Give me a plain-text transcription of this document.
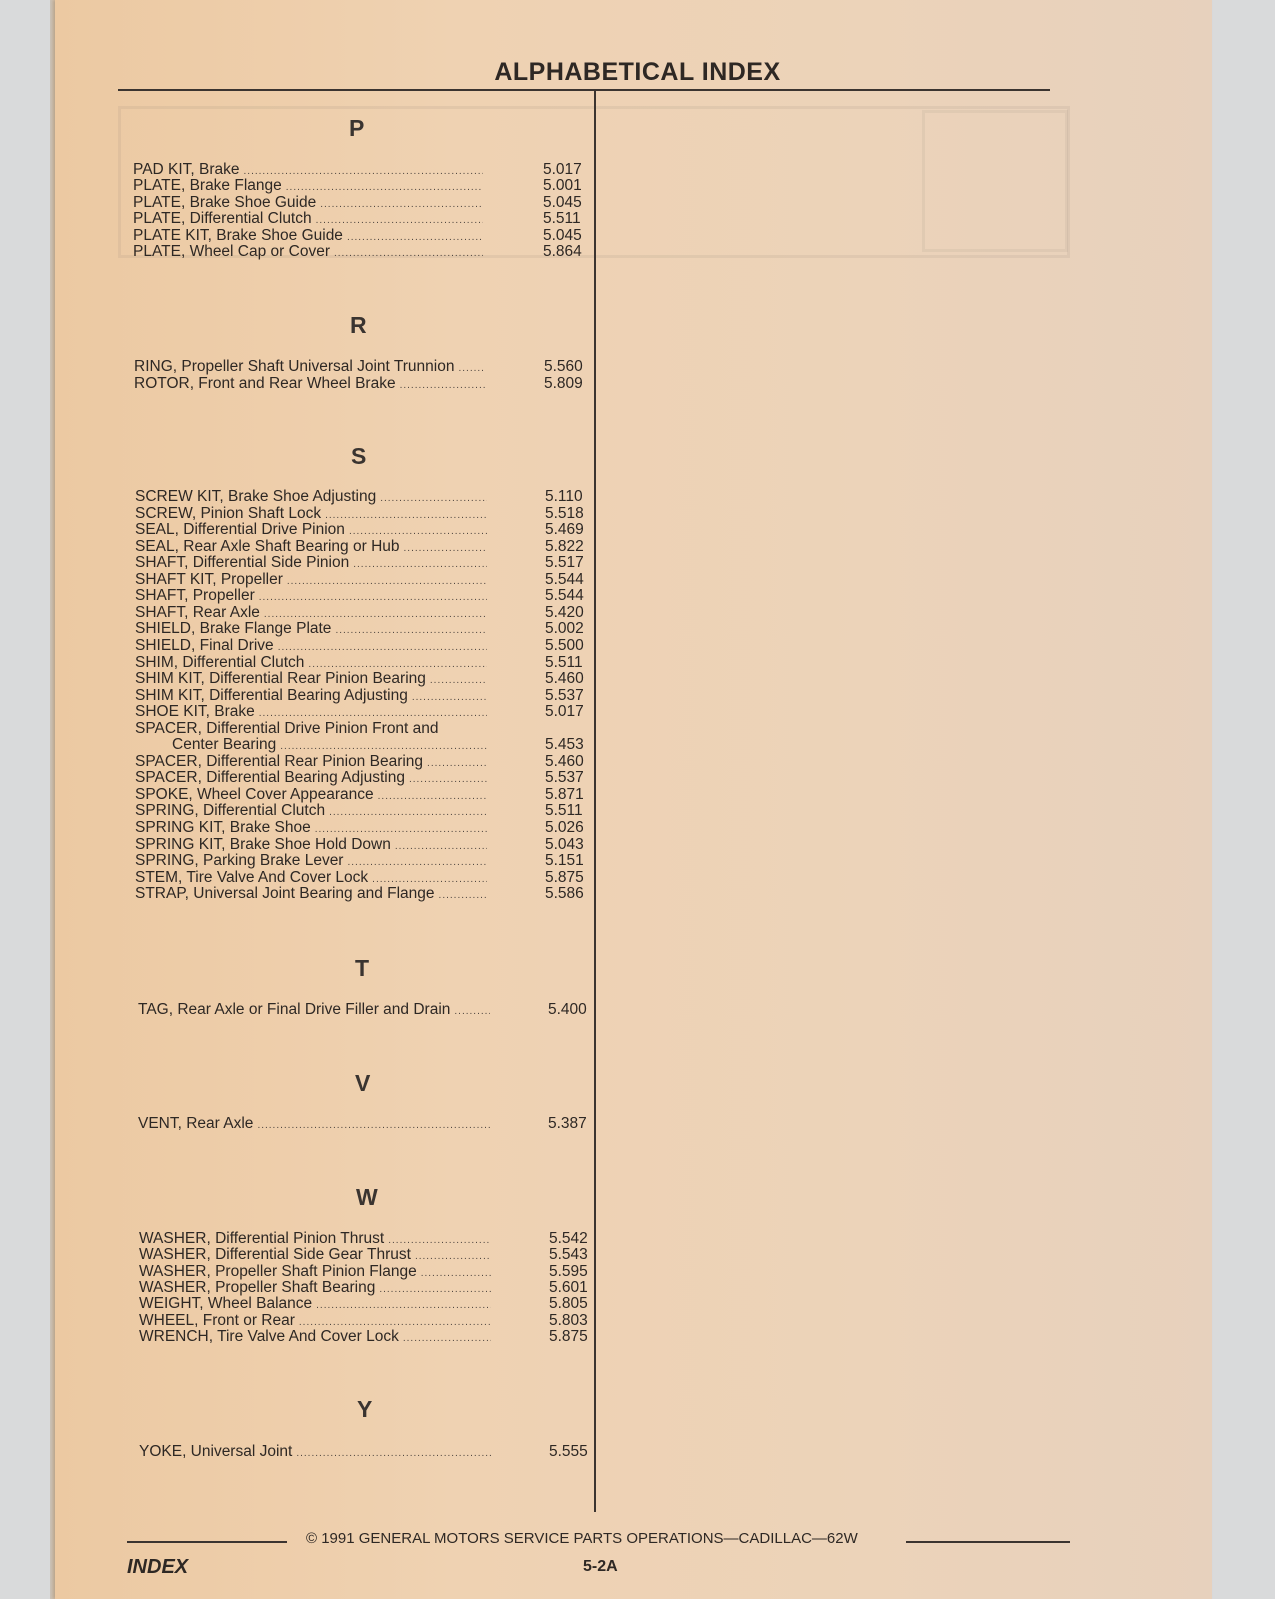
ALPHABETICAL INDEX
P
PAD KIT, Brake .....	5.017
PLATE, Brake Flange .....	5.001
PLATE, Brake Shoe Guide .....	5.045
PLATE, Differential Clutch .....	5.511
PLATE KIT, Brake Shoe Guide .....	5.045
PLATE, Wheel Cap or Cover .....	5.864
R
RING, Propeller Shaft Universal Joint Trunnion .....	5.560
ROTOR, Front and Rear Wheel Brake .....	5.809
S
SCREW KIT, Brake Shoe Adjusting .....	5.110
SCREW, Pinion Shaft Lock .....	5.518
SEAL, Differential Drive Pinion .....	5.469
SEAL, Rear Axle Shaft Bearing or Hub .....	5.822
SHAFT, Differential Side Pinion .....	5.517
SHAFT KIT, Propeller .....	5.544
SHAFT, Propeller .....	5.544
SHAFT, Rear Axle .....	5.420
SHIELD, Brake Flange Plate .....	5.002
SHIELD, Final Drive .....	5.500
SHIM, Differential Clutch .....	5.511
SHIM KIT, Differential Rear Pinion Bearing .....	5.460
SHIM KIT, Differential Bearing Adjusting .....	5.537
SHOE KIT, Brake .....	5.017
SPACER, Differential Drive Pinion Front and
Center Bearing .....	5.453
SPACER, Differential Rear Pinion Bearing .....	5.460
SPACER, Differential Bearing Adjusting .....	5.537
SPOKE, Wheel Cover Appearance .....	5.871
SPRING, Differential Clutch .....	5.511
SPRING KIT, Brake Shoe .....	5.026
SPRING KIT, Brake Shoe Hold Down .....	5.043
SPRING, Parking Brake Lever .....	5.151
STEM, Tire Valve And Cover Lock .....	5.875
STRAP, Universal Joint Bearing and Flange .....	5.586
T
TAG, Rear Axle or Final Drive Filler and Drain .....	5.400
V
VENT, Rear Axle .....	5.387
W
WASHER, Differential Pinion Thrust .....	5.542
WASHER, Differential Side Gear Thrust .....	5.543
WASHER, Propeller Shaft Pinion Flange .....	5.595
WASHER, Propeller Shaft Bearing .....	5.601
WEIGHT, Wheel Balance .....	5.805
WHEEL, Front or Rear .....	5.803
WRENCH, Tire Valve And Cover Lock .....	5.875
Y
YOKE, Universal Joint .....	5.555
© 1991 GENERAL MOTORS SERVICE PARTS OPERATIONS—CADILLAC—62W
INDEX	5-2A
